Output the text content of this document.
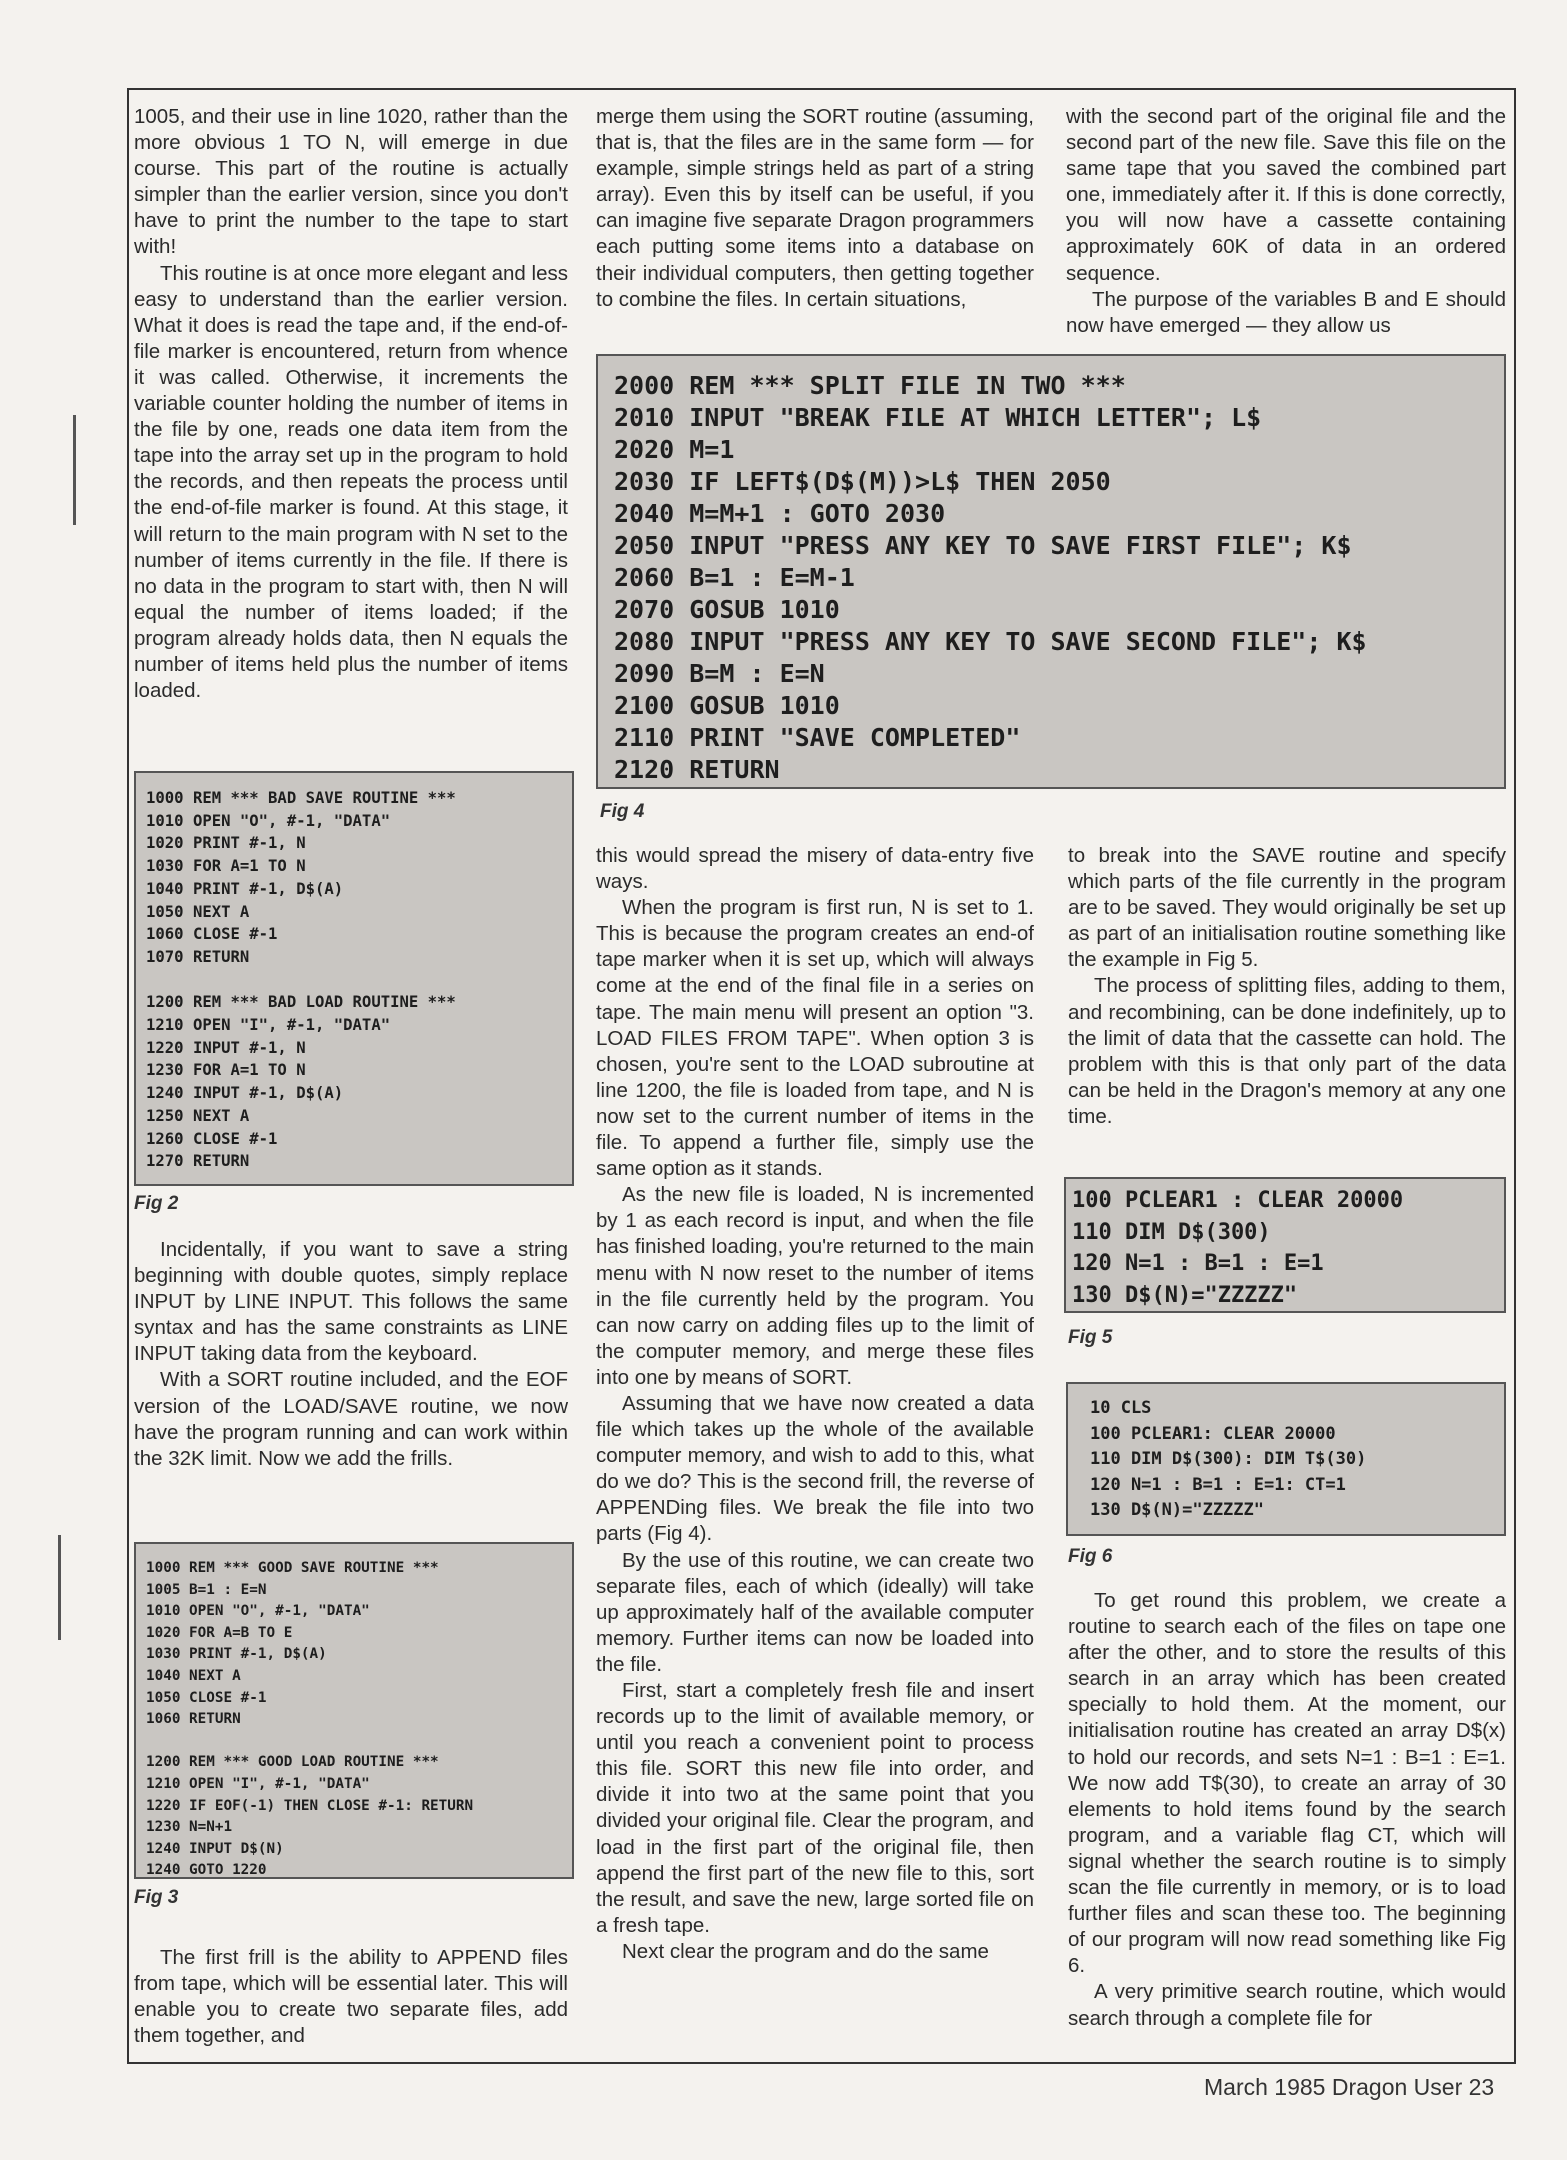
1005, and their use in line 1020, rather than the more obvious 1 TO N, will emerge in due course. This part of the routine is actually simpler than the earlier version, since you don't have to print the number to the tape to start with!

This routine is at once more elegant and less easy to understand than the earlier version. What it does is read the tape and, if the end-of-file marker is encountered, return from whence it was called. Otherwise, it increments the variable counter holding the number of items in the file by one, reads one data item from the tape into the array set up in the program to hold the records, and then repeats the process until the end-of-file marker is found. At this stage, it will return to the main program with N set to the number of items currently in the file. If there is no data in the program to start with, then N will equal the number of items loaded; if the program already holds data, then N equals the number of items held plus the number of items loaded.

1000 REM *** BAD SAVE ROUTINE ***
1010 OPEN "O", #-1, "DATA"
1020 PRINT #-1, N
1030 FOR A=1 TO N
1040 PRINT #-1, D$(A)
1050 NEXT A
1060 CLOSE #-1
1070 RETURN

1200 REM *** BAD LOAD ROUTINE ***
1210 OPEN "I", #-1, "DATA"
1220 INPUT #-1, N
1230 FOR A=1 TO N
1240 INPUT #-1, D$(A)
1250 NEXT A
1260 CLOSE #-1
1270 RETURN
Fig 2

Incidentally, if you want to save a string beginning with double quotes, simply replace INPUT by LINE INPUT. This follows the same syntax and has the same constraints as LINE INPUT taking data from the keyboard.

With a SORT routine included, and the EOF version of the LOAD/SAVE routine, we now have the program running and can work within the 32K limit. Now we add the frills.

1000 REM *** GOOD SAVE ROUTINE ***
1005 B=1 : E=N
1010 OPEN "O", #-1, "DATA"
1020 FOR A=B TO E
1030 PRINT #-1, D$(A)
1040 NEXT A
1050 CLOSE #-1
1060 RETURN

1200 REM *** GOOD LOAD ROUTINE ***
1210 OPEN "I", #-1, "DATA"
1220 IF EOF(-1) THEN CLOSE #-1: RETURN
1230 N=N+1
1240 INPUT D$(N)
1240 GOTO 1220
Fig 3

The first frill is the ability to APPEND files from tape, which will be essential later. This will enable you to create two separate files, add them together, and

merge them using the SORT routine (assuming, that is, that the files are in the same form — for example, simple strings held as part of a string array). Even this by itself can be useful, if you can imagine five separate Dragon programmers each putting some items into a database on their individual computers, then getting together to combine the files. In certain situations,

2000 REM *** SPLIT FILE IN TWO ***
2010 INPUT "BREAK FILE AT WHICH LETTER"; L$
2020 M=1
2030 IF LEFT$(D$(M))>L$ THEN 2050
2040 M=M+1 : GOTO 2030
2050 INPUT "PRESS ANY KEY TO SAVE FIRST FILE"; K$
2060 B=1 : E=M-1
2070 GOSUB 1010
2080 INPUT "PRESS ANY KEY TO SAVE SECOND FILE"; K$
2090 B=M : E=N
2100 GOSUB 1010
2110 PRINT "SAVE COMPLETED"
2120 RETURN
Fig 4

this would spread the misery of data-entry five ways.

When the program is first run, N is set to 1. This is because the program creates an end-of tape marker when it is set up, which will always come at the end of the final file in a series on tape. The main menu will present an option "3. LOAD FILES FROM TAPE". When option 3 is chosen, you're sent to the LOAD subroutine at line 1200, the file is loaded from tape, and N is now set to the current number of items in the file. To append a further file, simply use the same option as it stands.

As the new file is loaded, N is incremented by 1 as each record is input, and when the file has finished loading, you're returned to the main menu with N now reset to the number of items in the file currently held by the program. You can now carry on adding files up to the limit of the computer memory, and merge these files into one by means of SORT.

Assuming that we have now created a data file which takes up the whole of the available computer memory, and wish to add to this, what do we do? This is the second frill, the reverse of APPENDing files. We break the file into two parts (Fig 4).

By the use of this routine, we can create two separate files, each of which (ideally) will take up approximately half of the available computer memory. Further items can now be loaded into the file.

First, start a completely fresh file and insert records up to the limit of available memory, or until you reach a convenient point to process this file. SORT this new file into order, and divide it into two at the same point that you divided your original file. Clear the program, and load in the first part of the original file, then append the first part of the new file to this, sort the result, and save the new, large sorted file on a fresh tape.

Next clear the program and do the same

with the second part of the original file and the second part of the new file. Save this file on the same tape that you saved the combined part one, immediately after it. If this is done correctly, you will now have a cassette containing approximately 60K of data in an ordered sequence.

The purpose of the variables B and E should now have emerged — they allow us

to break into the SAVE routine and specify which parts of the file currently in the program are to be saved. They would originally be set up as part of an initialisation routine something like the example in Fig 5.

The process of splitting files, adding to them, and recombining, can be done indefinitely, up to the limit of data that the cassette can hold. The problem with this is that only part of the data can be held in the Dragon's memory at any one time.

100 PCLEAR1 : CLEAR 20000
110 DIM D$(300)
120 N=1 : B=1 : E=1
130 D$(N)="ZZZZZ"
Fig 5
10 CLS
100 PCLEAR1: CLEAR 20000
110 DIM D$(300): DIM T$(30)
120 N=1 : B=1 : E=1: CT=1
130 D$(N)="ZZZZZ"
Fig 6

To get round this problem, we create a routine to search each of the files on tape one after the other, and to store the results of this search in an array which has been created specially to hold them. At the moment, our initialisation routine has created an array D$(x) to hold our records, and sets N=1 : B=1 : E=1. We now add T$(30), to create an array of 30 elements to hold items found by the search program, and a variable flag CT, which will signal whether the search routine is to simply scan the file currently in memory, or is to load further files and scan these too. The beginning of our program will now read something like Fig 6.

A very primitive search routine, which would search through a complete file for

March 1985 Dragon User 23
